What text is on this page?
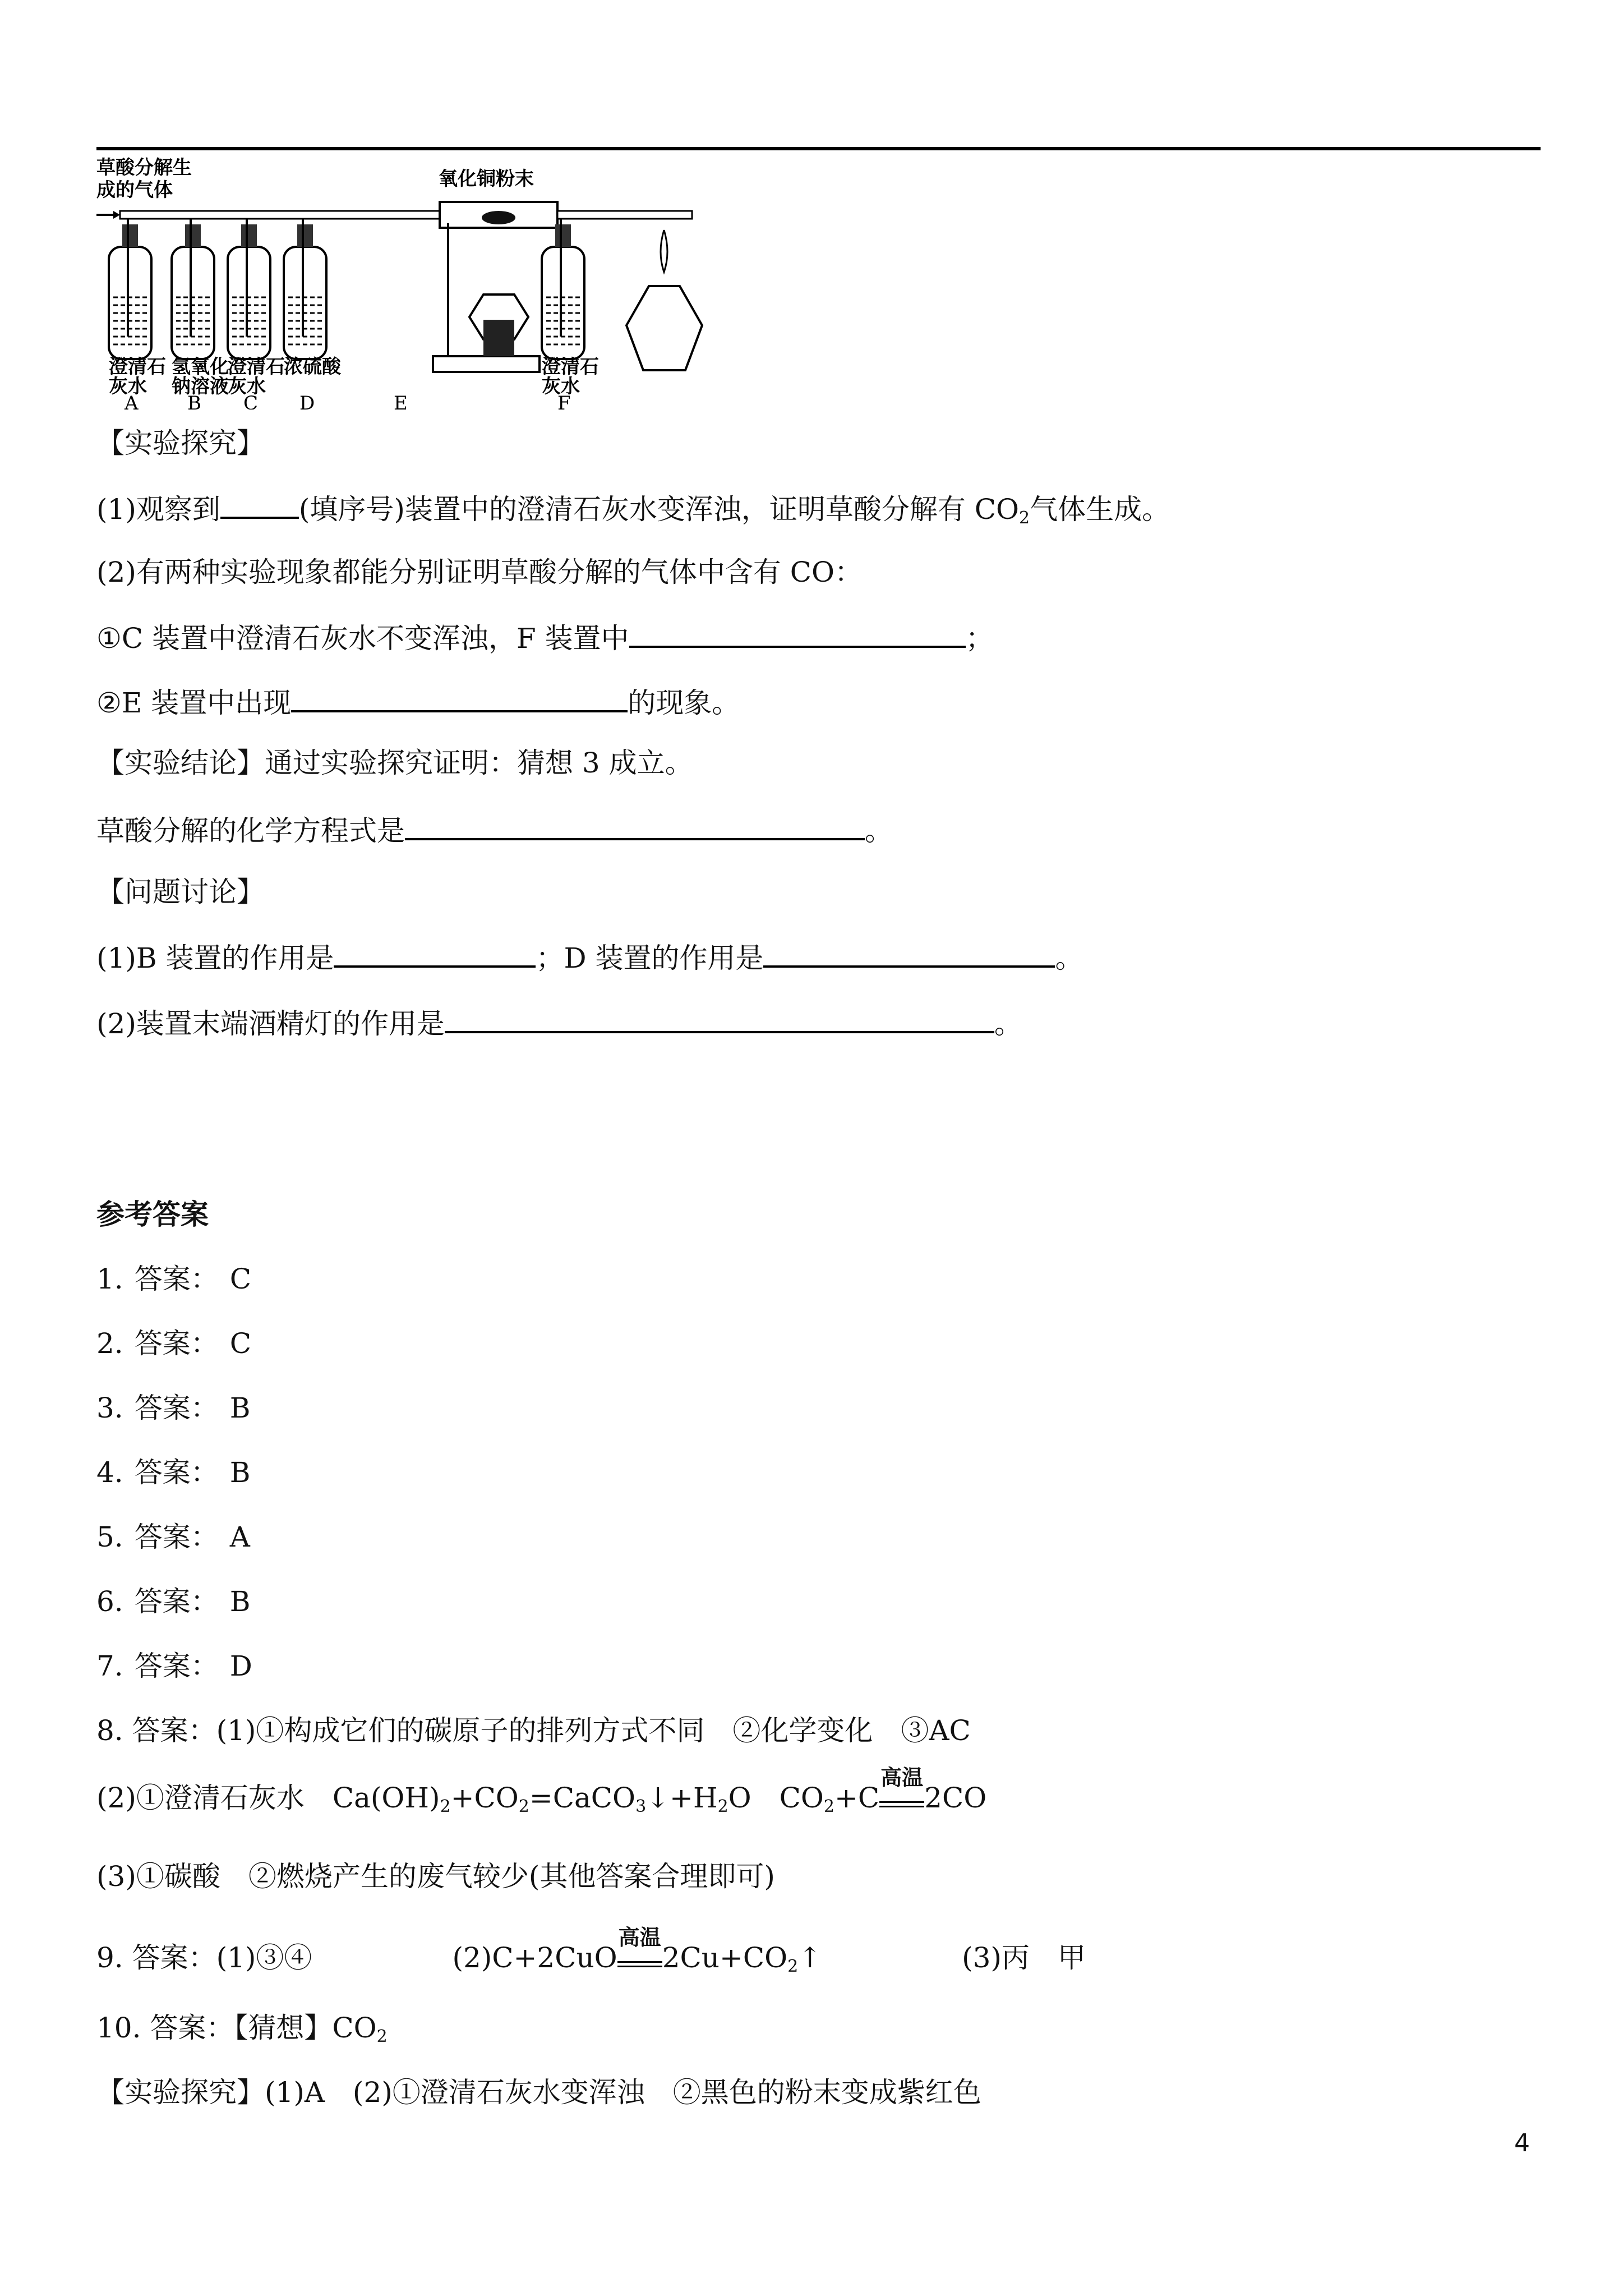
草酸分解生
成的气体	氧化铜粉末
澄清石
灰水
A
氢氧化
钠溶液
B
澄清石
灰水
C
浓硫酸
D	E
澄清石
灰水
F
【实验探究】
(1)观察到	(填序号)装置中的澄清石灰水变浑浊，证明草酸分解有 $CO_2$气体生成。
(2)有两种实验现象都能分别证明草酸分解的气体中含有 CO：
①C 装置中澄清石灰水不变浑浊，F 装置中	；
②E 装置中出现	的现象。
【实验结论】通过实验探究证明：猜想 3 成立。
草酸分解的化学方程式是	。
【问题讨论】
(1)B 装置的作用是	；D 装置的作用是	。
(2)装置末端酒精灯的作用是	。
参考答案
1. 答案： C
2. 答案： C
3. 答案： B
4. 答案： B
5. 答案： A
6. 答案： B
7. 答案： D
8. 答案：(1)①构成它们的碳原子的排列方式不同　②化学变化　③AC
(2)①澄清石灰水　$Ca(OH)_2+CO_2=CaCO_3↓+H_2O$　$CO_2+C$
高温
2CO
(3)①碳酸　②燃烧产生的废气较少(其他答案合理即可)
9. 答案：(1)③④	(2)C+2CuO
高温
$2Cu+CO_2↑$	(3)丙　甲
10. 答案：【猜想】$CO_2$
【实验探究】(1)A　(2)①澄清石灰水变浑浊　②黑色的粉末变成紫红色
4
